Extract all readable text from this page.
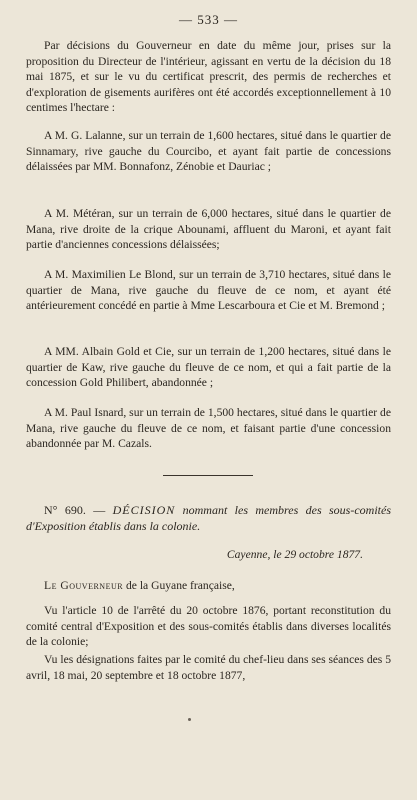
— 533 —
Par décisions du Gouverneur en date du même jour, prises sur la proposition du Directeur de l'intérieur, agissant en vertu de la décision du 18 mai 1875, et sur le vu du certificat prescrit, des permis de recherches et d'exploration de gisements aurifères ont été accordés exceptionnellement à 10 centimes l'hectare :
A M. G. Lalanne, sur un terrain de 1,600 hectares, situé dans le quartier de Sinnamary, rive gauche du Courcibo, et ayant fait partie de concessions délaissées par MM. Bonnafonz, Zénobie et Dauriac ;
A M. Météran, sur un terrain de 6,000 hectares, situé dans le quartier de Mana, rive droite de la crique Abounami, affluent du Maroni, et ayant fait partie d'anciennes concessions délaissées;
A M. Maximilien Le Blond, sur un terrain de 3,710 hectares, situé dans le quartier de Mana, rive gauche du fleuve de ce nom, et ayant été antérieurement concédé en partie à Mme Lescarboura et Cie et M. Bremond ;
A MM. Albain Gold et Cie, sur un terrain de 1,200 hectares, situé dans le quartier de Kaw, rive gauche du fleuve de ce nom, et qui a fait partie de la concession Gold Philibert, abandonnée ;
A M. Paul Isnard, sur un terrain de 1,500 hectares, situé dans le quartier de Mana, rive gauche du fleuve de ce nom, et faisant partie d'une concession abandonnée par M. Cazals.
N° 690. — DÉCISION nommant les membres des sous-comités d'Exposition établis dans la colonie.
Cayenne, le 29 octobre 1877.
Le Gouverneur de la Guyane française,
Vu l'article 10 de l'arrêté du 20 octobre 1876, portant reconstitution du comité central d'Exposition et des sous-comités établis dans diverses localités de la colonie;
Vu les désignations faites par le comité du chef-lieu dans ses séances des 5 avril, 18 mai, 20 septembre et 18 octobre 1877,
